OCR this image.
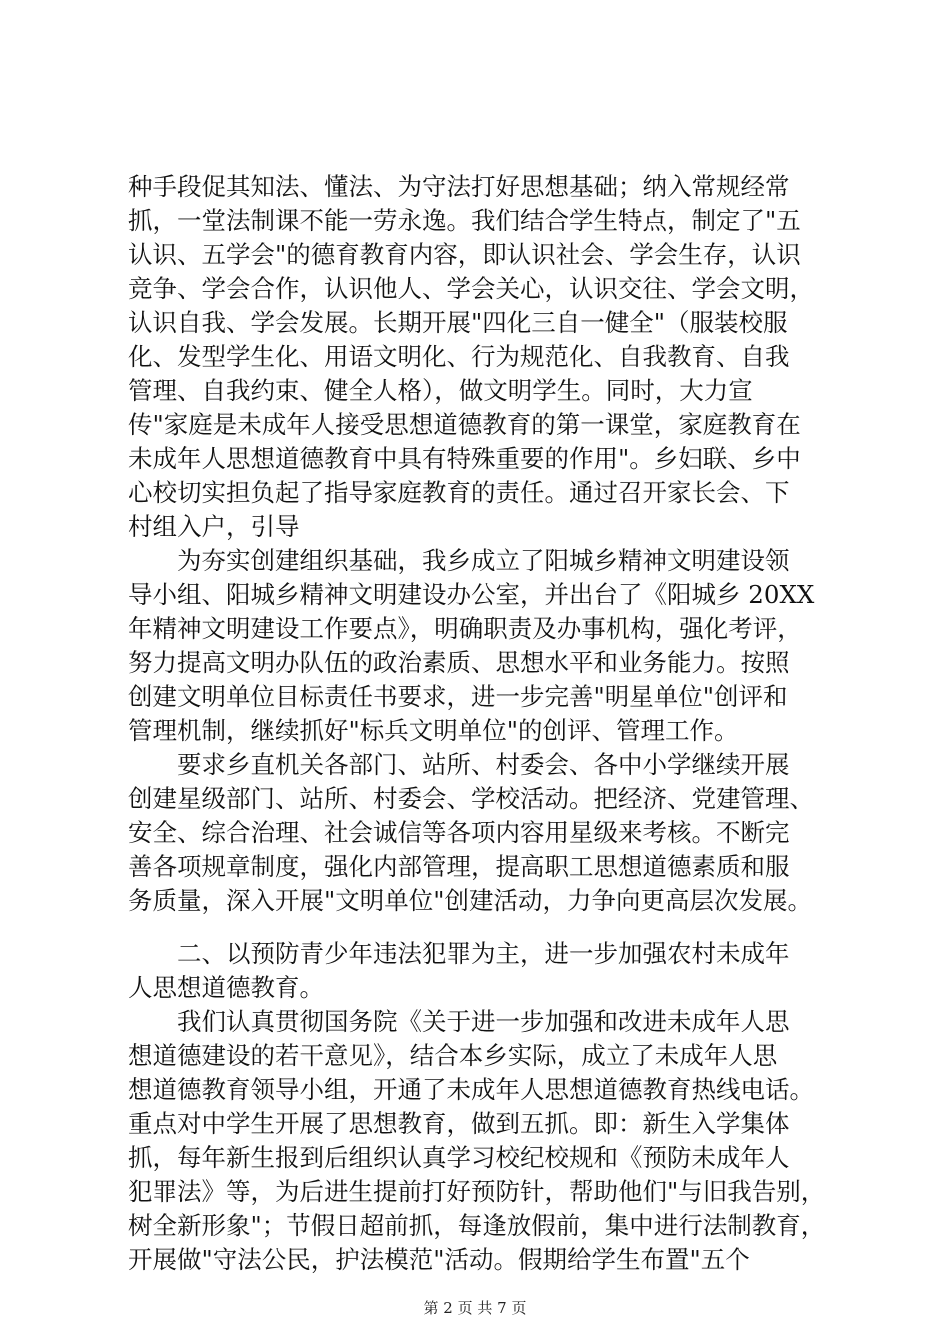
种手段促其知法、懂法、为守法打好思想基础；纳入常规经常
抓，一堂法制课不能一劳永逸。我们结合学生特点，制定了"五
认识、五学会"的德育教育内容，即认识社会、学会生存，认识
竞争、学会合作，认识他人、学会关心，认识交往、学会文明，
认识自我、学会发展。长期开展"四化三自一健全"（服装校服
化、发型学生化、用语文明化、行为规范化、自我教育、自我
管理、自我约束、健全人格），做文明学生。同时，大力宣
传"家庭是未成年人接受思想道德教育的第一课堂，家庭教育在
未成年人思想道德教育中具有特殊重要的作用"。乡妇联、乡中
心校切实担负起了指导家庭教育的责任。通过召开家长会、下
村组入户，引导
　　为夯实创建组织基础，我乡成立了阳城乡精神文明建设领
导小组、阳城乡精神文明建设办公室，并出台了《阳城乡 20XX
年精神文明建设工作要点》，明确职责及办事机构，强化考评，
努力提高文明办队伍的政治素质、思想水平和业务能力。按照
创建文明单位目标责任书要求，进一步完善"明星单位"创评和
管理机制，继续抓好"标兵文明单位"的创评、管理工作。
　　要求乡直机关各部门、站所、村委会、各中小学继续开展
创建星级部门、站所、村委会、学校活动。把经济、党建管理、
安全、综合治理、社会诚信等各项内容用星级来考核。不断完
善各项规章制度，强化内部管理，提高职工思想道德素质和服
务质量，深入开展"文明单位"创建活动，力争向更高层次发展。
　　二、以预防青少年违法犯罪为主，进一步加强农村未成年
人思想道德教育。
　　我们认真贯彻国务院《关于进一步加强和改进未成年人思
想道德建设的若干意见》，结合本乡实际，成立了未成年人思
想道德教育领导小组，开通了未成年人思想道德教育热线电话。
重点对中学生开展了思想教育，做到五抓。即：新生入学集体
抓，每年新生报到后组织认真学习校纪校规和《预防未成年人
犯罪法》等，为后进生提前打好预防针，帮助他们"与旧我告别，
树全新形象"；节假日超前抓，每逢放假前，集中进行法制教育，
开展做"守法公民，护法模范"活动。假期给学生布置"五个
第 2 页 共 7 页
